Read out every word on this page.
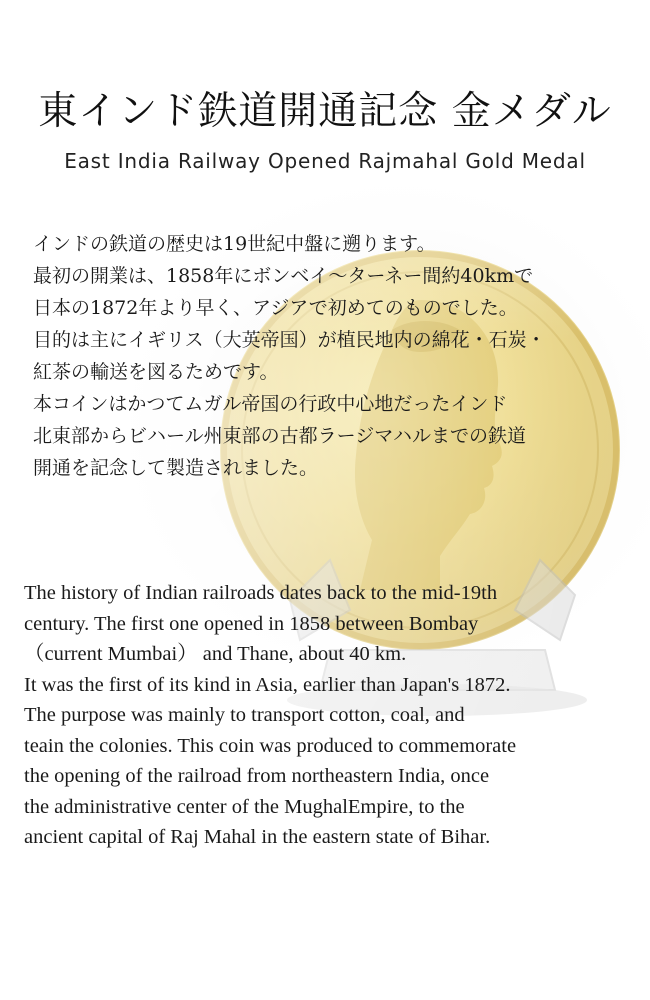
東インド鉄道開通記念 金メダル
East India Railway Opened Rajmahal Gold Medal
インドの鉄道の歴史は19世紀中盤に遡ります。
最初の開業は、1858年にボンベイ～ターネー間約40kmで
日本の1872年より早く、アジアで初めてのものでした。
目的は主にイギリス（大英帝国）が植民地内の綿花・石炭・
紅茶の輸送を図るためです。
本コインはかつてムガル帝国の行政中心地だったインド
北東部からビハール州東部の古都ラージマハルまでの鉄道
開通を記念して製造されました。
The history of Indian railroads dates back to the mid-19th
century. The first one opened in 1858 between Bombay
（current Mumbai） and Thane, about 40 km.
It was the first of its kind in Asia, earlier than Japan's 1872.
The purpose was mainly to transport cotton, coal, and
teain the colonies. This coin was produced to commemorate
the opening of the railroad from northeastern India, once
the administrative center of the MughalEmpire, to the
ancient capital of Raj Mahal in the eastern state of Bihar.
